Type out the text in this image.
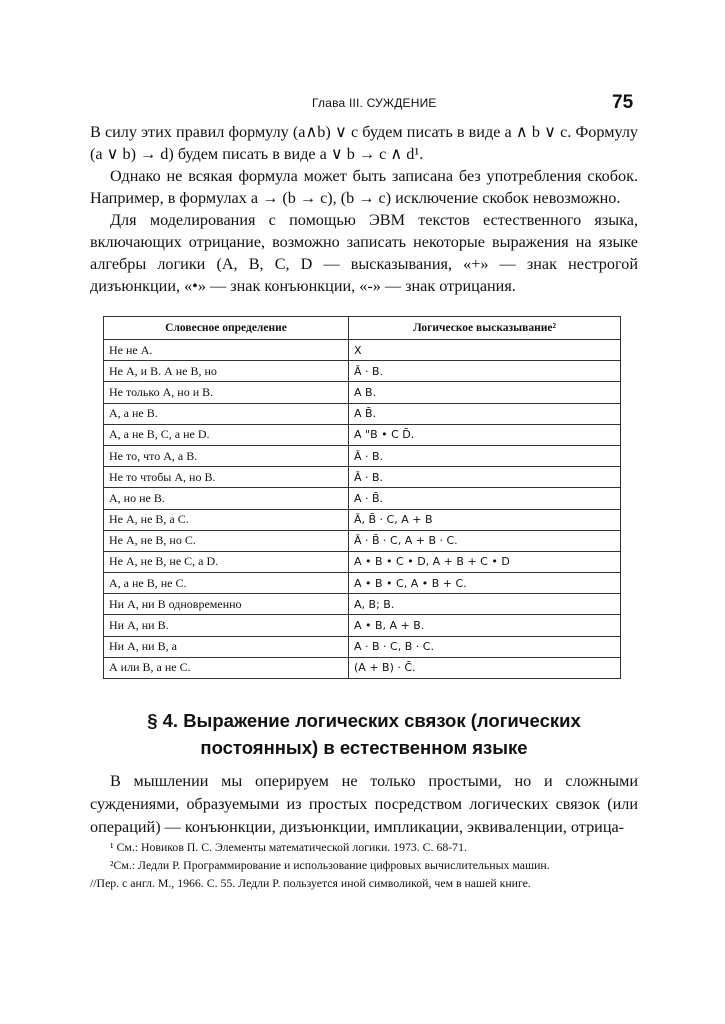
Глава III. СУЖДЕНИЕ	75

В силу этих правил формулу (a∧b) ∨ c будем писать в виде a ∧ b ∨ c. Формулу (a ∨ b) → d) будем писать в виде a ∨ b → c ∧ d¹.

Однако не всякая формула может быть записана без употребления скобок. Например, в формулах a → (b → c), (b → c) исключение скобок невозможно.

Для моделирования с помощью ЭВМ текстов естественного языка, включающих отрицание, возможно записать некоторые выражения на языке алгебры логики (A, B, C, D — высказывания, «+» — знак нестрогой дизъюнкции, «•» — знак конъюнкции, «-» — знак отрицания.

Словесное определение	Логическое высказывание²
Не не А.	X
Не А, и B. А не B, но	Ā · B.
Не только А, но и В.	A B.
А, а не В.	A B̄.
А, а не В, С, а не D.	A "B • C D̄.
Не то, что А, а В.	Ā · B.
Не то чтобы А, но В.	Ā · B.
А, но не В.	A · B̄.
Не А, не В, а С.	Ā, B̄ · C, A + B
Не А, не В, но С.	Ā · B̄ · C, A + B · C.
Не А, не В, не С, а D.	A • B • C • D, A + B + C • D
А, а не В, не С.	A • B • C, A • B + C.
Ни А, ни В одновременно	A, B; B.
Ни А, ни В.	A • B, A + B.
Ни А, ни В, а	A · B · C, B · C.
А или В, а не С.	(A + B) · C̄.
§ 4. Выражение логических связок (логических постоянных) в естественном языке

В мышлении мы оперируем не только простыми, но и сложными суждениями, образуемыми из простых посредством логических связок (или операций) — конъюнкции, дизъюнкции, импликации, эквиваленции, отрица-

¹ См.: Новиков П. С. Элементы математической логики. 1973. С. 68-71.
²См.: Ледли Р. Программирование и использование цифровых вычислительных машин.
//Пер. с англ. М., 1966. С. 55. Ледли Р. пользуется иной символикой, чем в нашей книге.
